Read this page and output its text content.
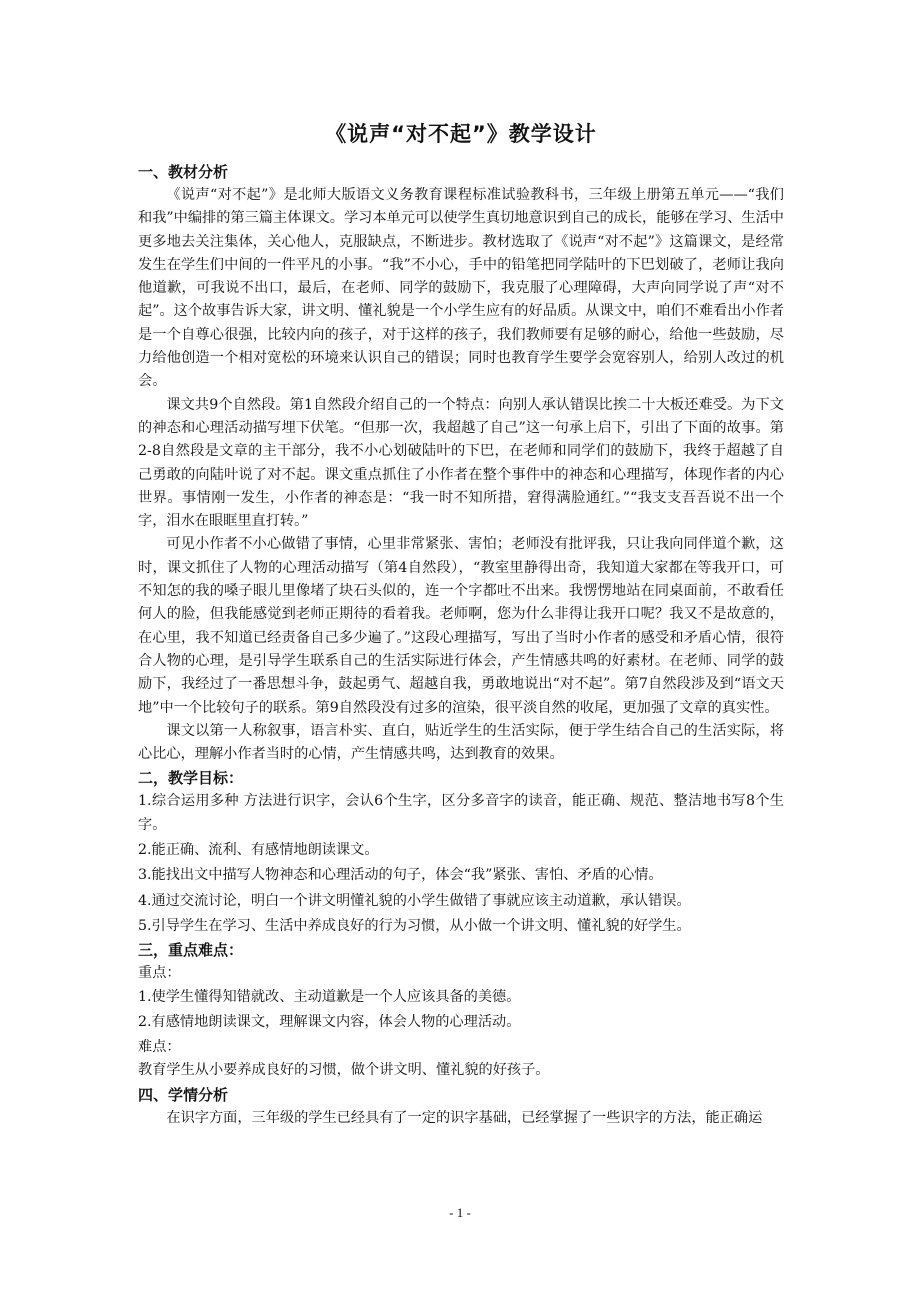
《说声“对不起”》教学设计
一、教材分析

《说声“对不起”》是北师大版语文义务教育课程标准试验教科书，三年级上册第五单元——“我们和我”中编排的第三篇主体课文。学习本单元可以使学生真切地意识到自己的成长，能够在学习、生活中更多地去关注集体，关心他人，克服缺点，不断进步。教材选取了《说声“对不起”》这篇课文，是经常发生在学生们中间的一件平凡的小事。“我”不小心，手中的铅笔把同学陆叶的下巴划破了，老师让我向他道歉，可我说不出口，最后，在老师、同学的鼓励下，我克服了心理障碍，大声向同学说了声“对不起”。这个故事告诉大家，讲文明、懂礼貌是一个小学生应有的好品质。从课文中，咱们不难看出小作者是一个自尊心很强，比较内向的孩子，对于这样的孩子，我们教师要有足够的耐心，给他一些鼓励，尽力给他创造一个相对宽松的环境来认识自己的错误；同时也教育学生要学会宽容别人，给别人改过的机会。

课文共9个自然段。第1自然段介绍自己的一个特点：向别人承认错误比挨二十大板还难受。为下文的神态和心理活动描写埋下伏笔。“但那一次，我超越了自己”这一句承上启下，引出了下面的故事。第2-8自然段是文章的主干部分，我不小心划破陆叶的下巴，在老师和同学们的鼓励下，我终于超越了自己勇敢的向陆叶说了对不起。课文重点抓住了小作者在整个事件中的神态和心理描写，体现作者的内心世界。事情刚一发生，小作者的神态是：“我一时不知所措，窘得满脸通红。”“我支支吾吾说不出一个字，泪水在眼眶里直打转。”

可见小作者不小心做错了事情，心里非常紧张、害怕；老师没有批评我，只让我向同伴道个歉，这时，课文抓住了人物的心理活动描写（第4自然段），“教室里静得出奇，我知道大家都在等我开口，可不知怎的我的嗓子眼儿里像堵了块石头似的，连一个字都吐不出来。我愣愣地站在同桌面前，不敢看任何人的脸，但我能感觉到老师正期待的看着我。老师啊，您为什么非得让我开口呢？我又不是故意的，在心里，我不知道已经责备自己多少遍了。”这段心理描写，写出了当时小作者的感受和矛盾心情，很符合人物的心理，是引导学生联系自己的生活实际进行体会，产生情感共鸣的好素材。在老师、同学的鼓励下，我经过了一番思想斗争，鼓起勇气、超越自我，勇敢地说出“对不起”。第7自然段涉及到“语文天地”中一个比较句子的联系。第9自然段没有过多的渲染，很平淡自然的收尾，更加强了文章的真实性。

课文以第一人称叙事，语言朴实、直白，贴近学生的生活实际，便于学生结合自己的生活实际，将心比心，理解小作者当时的心情，产生情感共鸣，达到教育的效果。

二，教学目标：

1.综合运用多种 方法进行识字，会认6个生字，区分多音字的读音，能正确、规范、整洁地书写8个生字。

2.能正确、流利、有感情地朗读课文。

3.能找出文中描写人物神态和心理活动的句子，体会“我”紧张、害怕、矛盾的心情。

4.通过交流讨论，明白一个讲文明懂礼貌的小学生做错了事就应该主动道歉，承认错误。

5.引导学生在学习、生活中养成良好的行为习惯，从小做一个讲文明、懂礼貌的好学生。

三，重点难点：

重点：

1.使学生懂得知错就改、主动道歉是一个人应该具备的美德。

2.有感情地朗读课文，理解课文内容，体会人物的心理活动。

难点：

教育学生从小要养成良好的习惯，做个讲文明、懂礼貌的好孩子。

四、学情分析

在识字方面，三年级的学生已经具有了一定的识字基础，已经掌握了一些识字的方法，能正确运

- 1 -
